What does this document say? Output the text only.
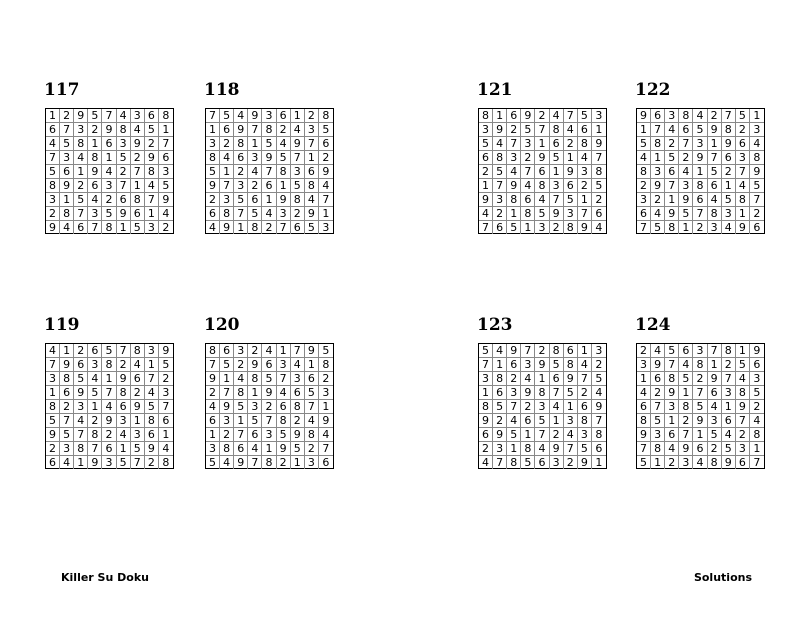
117
1 2 9 5 7 4 3 6 8
6 7 3 2 9 8 4 5 1
4 5 8 1 6 3 9 2 7
7 3 4 8 1 5 2 9 6
5 6 1 9 4 2 7 8 3
8 9 2 6 3 7 1 4 5
3 1 5 4 2 6 8 7 9
2 8 7 3 5 9 6 1 4
9 4 6 7 8 1 5 3 2
118
7 5 4 9 3 6 1 2 8
1 6 9 7 8 2 4 3 5
3 2 8 1 5 4 9 7 6
8 4 6 3 9 5 7 1 2
5 1 2 4 7 8 3 6 9
9 7 3 2 6 1 5 8 4
2 3 5 6 1 9 8 4 7
6 8 7 5 4 3 2 9 1
4 9 1 8 2 7 6 5 3
121
8 1 6 9 2 4 7 5 3
3 9 2 5 7 8 4 6 1
5 4 7 3 1 6 2 8 9
6 8 3 2 9 5 1 4 7
2 5 4 7 6 1 9 3 8
1 7 9 4 8 3 6 2 5
9 3 8 6 4 7 5 1 2
4 2 1 8 5 9 3 7 6
7 6 5 1 3 2 8 9 4
122
9 6 3 8 4 2 7 5 1
1 7 4 6 5 9 8 2 3
5 8 2 7 3 1 9 6 4
4 1 5 2 9 7 6 3 8
8 3 6 4 1 5 2 7 9
2 9 7 3 8 6 1 4 5
3 2 1 9 6 4 5 8 7
6 4 9 5 7 8 3 1 2
7 5 8 1 2 3 4 9 6
119
4 1 2 6 5 7 8 3 9
7 9 6 3 8 2 4 1 5
3 8 5 4 1 9 6 7 2
1 6 9 5 7 8 2 4 3
8 2 3 1 4 6 9 5 7
5 7 4 2 9 3 1 8 6
9 5 7 8 2 4 3 6 1
2 3 8 7 6 1 5 9 4
6 4 1 9 3 5 7 2 8
120
8 6 3 2 4 1 7 9 5
7 5 2 9 6 3 4 1 8
9 1 4 8 5 7 3 6 2
2 7 8 1 9 4 6 5 3
4 9 5 3 2 6 8 7 1
6 3 1 5 7 8 2 4 9
1 2 7 6 3 5 9 8 4
3 8 6 4 1 9 5 2 7
5 4 9 7 8 2 1 3 6
123
5 4 9 7 2 8 6 1 3
7 1 6 3 9 5 8 4 2
3 8 2 4 1 6 9 7 5
1 6 3 9 8 7 5 2 4
8 5 7 2 3 4 1 6 9
9 2 4 6 5 1 3 8 7
6 9 5 1 7 2 4 3 8
2 3 1 8 4 9 7 5 6
4 7 8 5 6 3 2 9 1
124
2 4 5 6 3 7 8 1 9
3 9 7 4 8 1 2 5 6
1 6 8 5 2 9 7 4 3
4 2 9 1 7 6 3 8 5
6 7 3 8 5 4 1 9 2
8 5 1 2 9 3 6 7 4
9 3 6 7 1 5 4 2 8
7 8 4 9 6 2 5 3 1
5 1 2 3 4 8 9 6 7
Killer Su Doku	Solutions
